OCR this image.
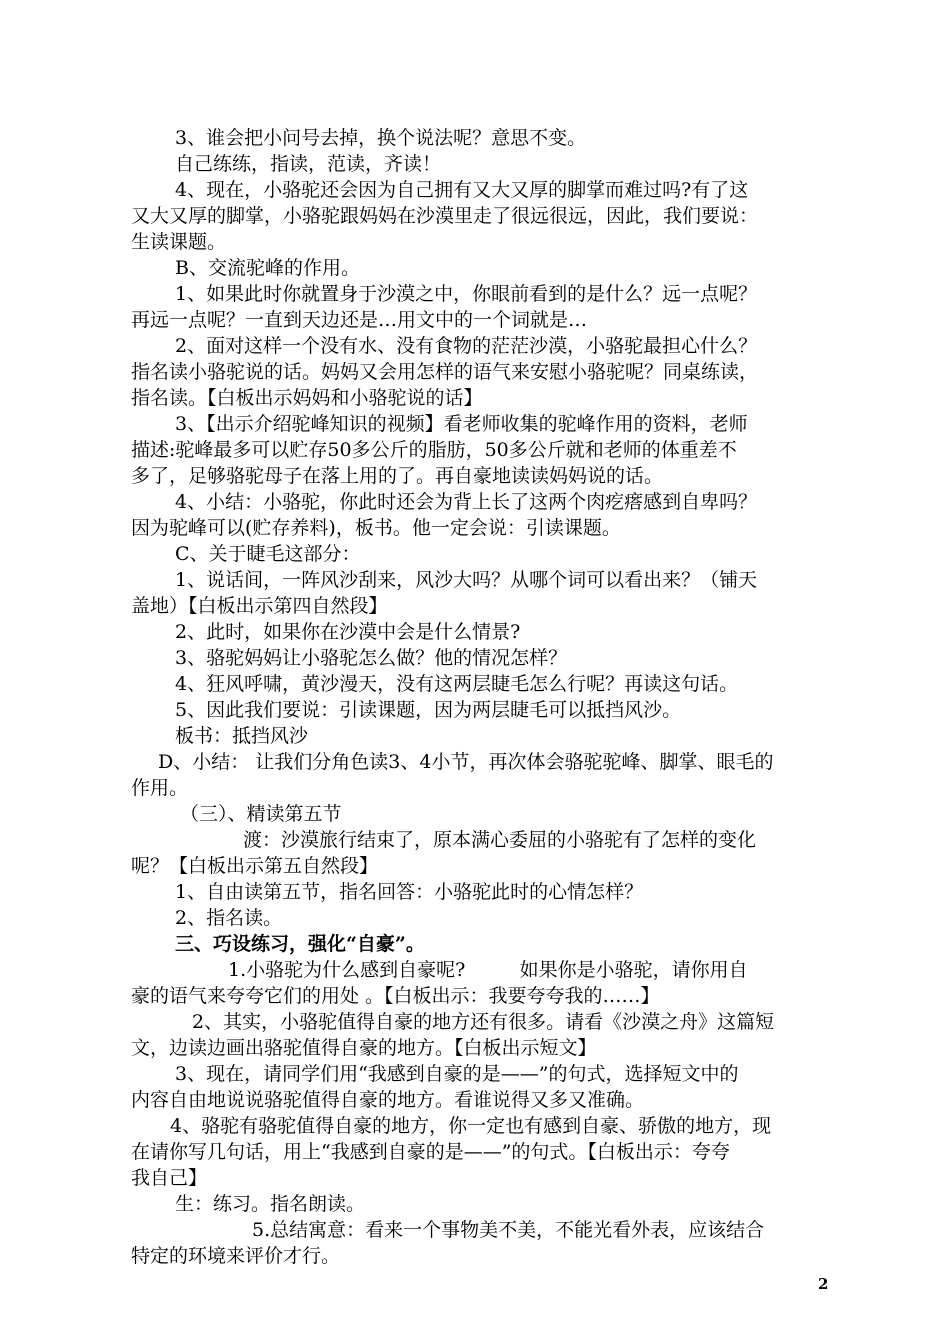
3、谁会把小问号去掉，换个说法呢？意思不变。
自己练练，指读，范读，齐读！
4、现在，小骆驼还会因为自己拥有又大又厚的脚掌而难过吗?有了这
又大又厚的脚掌，小骆驼跟妈妈在沙漠里走了很远很远，因此，我们要说：
生读课题。
B、交流驼峰的作用。
1、如果此时你就置身于沙漠之中，你眼前看到的是什么？远一点呢？
再远一点呢？一直到天边还是…用文中的一个词就是…
2、面对这样一个没有水、没有食物的茫茫沙漠，小骆驼最担心什么？
指名读小骆驼说的话。妈妈又会用怎样的语气来安慰小骆驼呢？同桌练读，
指名读。【白板出示妈妈和小骆驼说的话】
3、【出示介绍驼峰知识的视频】看老师收集的驼峰作用的资料，老师
描述:驼峰最多可以贮存50多公斤的脂肪，50多公斤就和老师的体重差不
多了，足够骆驼母子在落上用的了。再自豪地读读妈妈说的话。
4、小结：小骆驼，你此时还会为背上长了这两个肉疙瘩感到自卑吗？
因为驼峰可以(贮存养料)，板书。他一定会说：引读课题。
C、关于睫毛这部分：
1、说话间，一阵风沙刮来，风沙大吗？从哪个词可以看出来？（铺天
盖地）【白板出示第四自然段】
2、此时，如果你在沙漠中会是什么情景?
3、骆驼妈妈让小骆驼怎么做？他的情况怎样？
4、狂风呼啸，黄沙漫天，没有这两层睫毛怎么行呢？再读这句话。
5、因此我们要说：引读课题，因为两层睫毛可以抵挡风沙。
板书：抵挡风沙
D、小结： 让我们分角色读3、4小节，再次体会骆驼驼峰、脚掌、眼毛的
作用。
（三）、精读第五节
渡：沙漠旅行结束了，原本满心委屈的小骆驼有了怎样的变化
呢？【白板出示第五自然段】
1、自由读第五节，指名回答：小骆驼此时的心情怎样？
2、指名读。
三、巧设练习，强化“自豪”。
1.小骆驼为什么感到自豪呢?         如果你是小骆驼，请你用自
豪的语气来夸夸它们的用处 。【白板出示：我要夸夸我的……】
2、其实，小骆驼值得自豪的地方还有很多。请看《沙漠之舟》这篇短
文，边读边画出骆驼值得自豪的地方。【白板出示短文】
3、现在，请同学们用“我感到自豪的是——”的句式，选择短文中的
内容自由地说说骆驼值得自豪的地方。看谁说得又多又准确。
4、骆驼有骆驼值得自豪的地方，你一定也有感到自豪、骄傲的地方，现
在请你写几句话，用上“我感到自豪的是——”的句式。【白板出示：夸夸
我自己】
生：练习。指名朗读。
5.总结寓意：看来一个事物美不美，不能光看外表，应该结合
特定的环境来评价才行。
2
